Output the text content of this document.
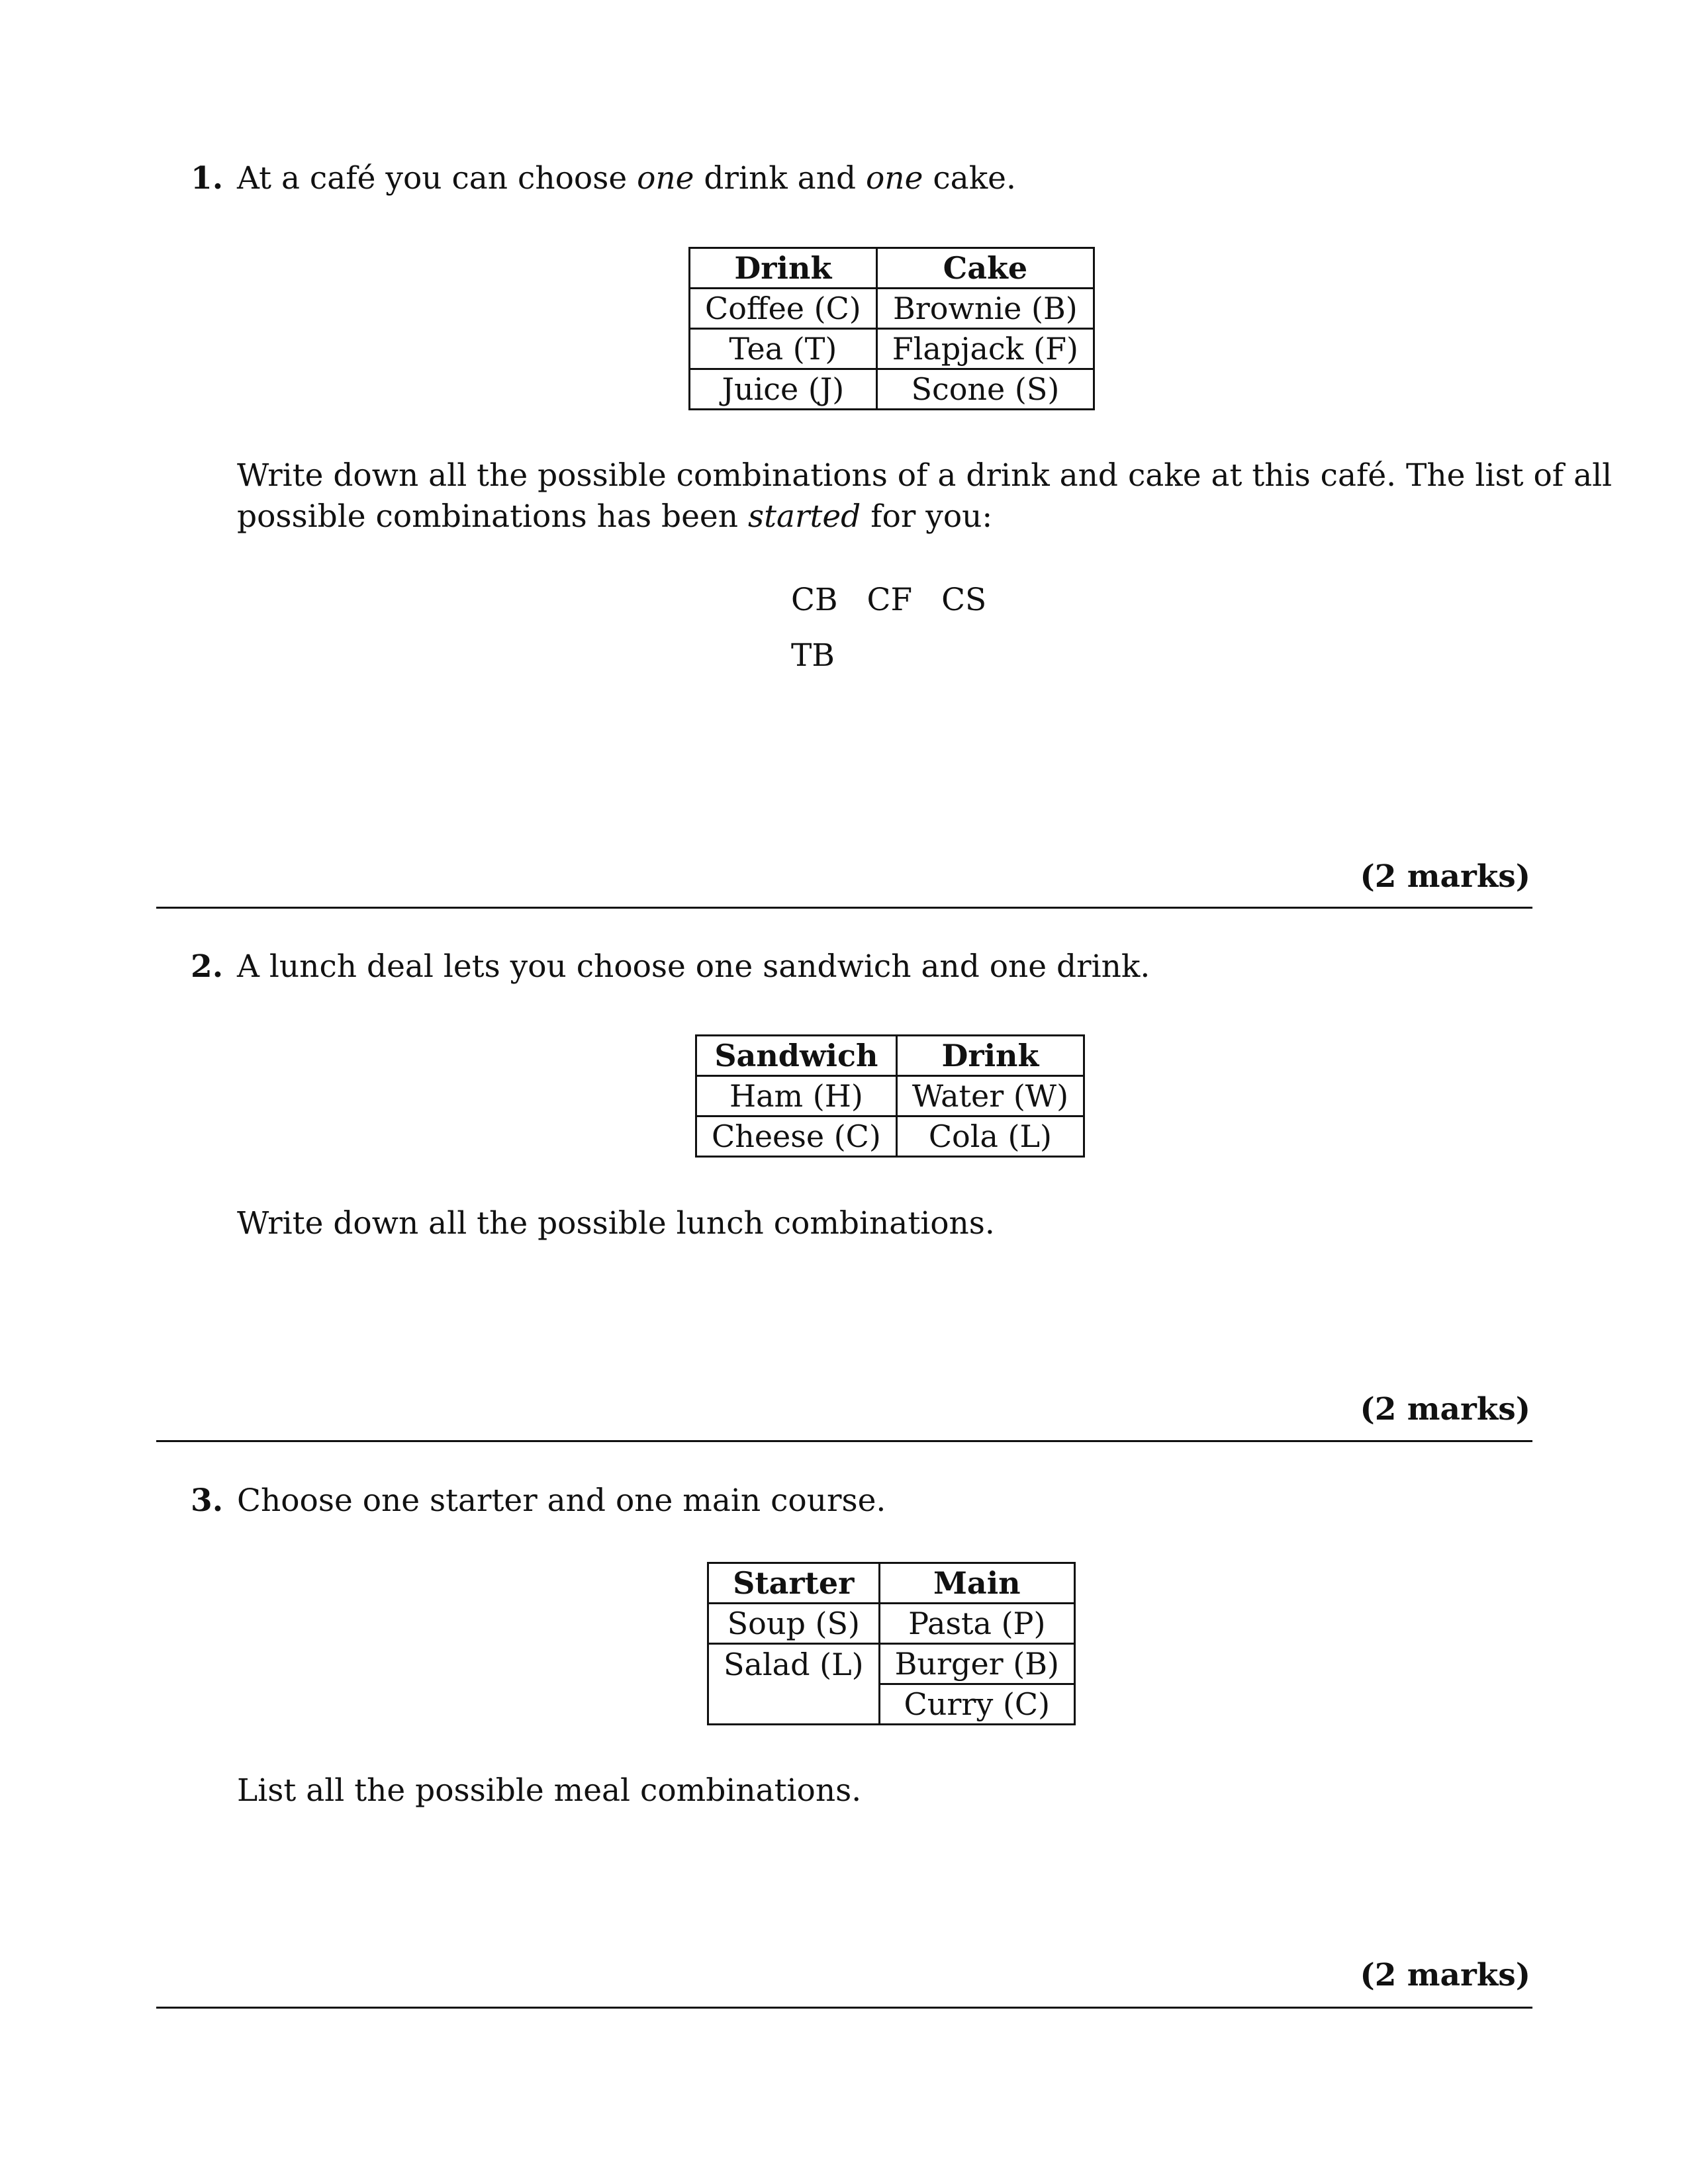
1. At a café you can choose one drink and one cake.
Drink	Cake
Coffee (C)	Brownie (B)
Tea (T)	Flapjack (F)
Juice (J)	Scone (S)
Write down all the possible combinations of a drink and cake at this café. The list of all
possible combinations has been started for you:
CB CF CS
TB
(2 marks)
2. A lunch deal lets you choose one sandwich and one drink.
Sandwich	Drink
Ham (H)	Water (W)
Cheese (C)	Cola (L)
Write down all the possible lunch combinations.
(2 marks)
3. Choose one starter and one main course.
Starter	Main
Soup (S)	Pasta (P)
Salad (L)	Burger (B)
	Curry (C)
List all the possible meal combinations.
(2 marks)
